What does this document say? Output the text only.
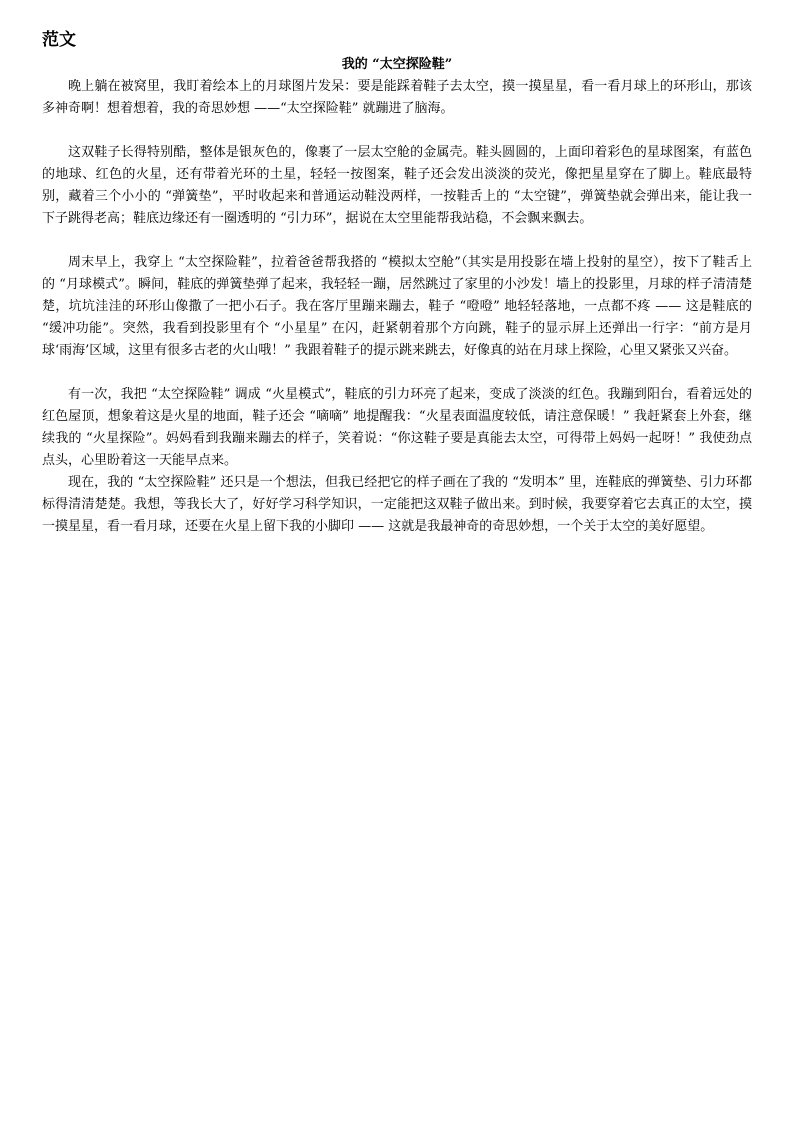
范文
我的 “太空探险鞋”

晚上躺在被窝里，我盯着绘本上的月球图片发呆：要是能踩着鞋子去太空，摸一摸星星，看一看月球上的环形山，那该多神奇啊！想着想着，我的奇思妙想 ——“太空探险鞋” 就蹦进了脑海。

这双鞋子长得特别酷，整体是银灰色的，像裹了一层太空舱的金属壳。鞋头圆圆的，上面印着彩色的星球图案，有蓝色的地球、红色的火星，还有带着光环的土星，轻轻一按图案，鞋子还会发出淡淡的荧光，像把星星穿在了脚上。鞋底最特别，藏着三个小小的 “弹簧垫”，平时收起来和普通运动鞋没两样，一按鞋舌上的 “太空键”，弹簧垫就会弹出来，能让我一下子跳得老高；鞋底边缘还有一圈透明的 “引力环”，据说在太空里能帮我站稳，不会飘来飘去。

周末早上，我穿上 “太空探险鞋”，拉着爸爸帮我搭的 “模拟太空舱”（其实是用投影在墙上投射的星空），按下了鞋舌上的 “月球模式”。瞬间，鞋底的弹簧垫弹了起来，我轻轻一蹦，居然跳过了家里的小沙发！墙上的投影里，月球的样子清清楚楚，坑坑洼洼的环形山像撒了一把小石子。我在客厅里蹦来蹦去，鞋子 “噔噔” 地轻轻落地，一点都不疼 —— 这是鞋底的 “缓冲功能”。突然，我看到投影里有个 “小星星” 在闪，赶紧朝着那个方向跳，鞋子的显示屏上还弹出一行字：“前方是月球‘雨海’区域，这里有很多古老的火山哦！” 我跟着鞋子的提示跳来跳去，好像真的站在月球上探险，心里又紧张又兴奋。

有一次，我把 “太空探险鞋” 调成 “火星模式”，鞋底的引力环亮了起来，变成了淡淡的红色。我蹦到阳台，看着远处的红色屋顶，想象着这是火星的地面，鞋子还会 “嘀嘀” 地提醒我：“火星表面温度较低，请注意保暖！” 我赶紧套上外套，继续我的 “火星探险”。妈妈看到我蹦来蹦去的样子，笑着说：“你这鞋子要是真能去太空，可得带上妈妈一起呀！” 我使劲点点头，心里盼着这一天能早点来。

现在，我的 “太空探险鞋” 还只是一个想法，但我已经把它的样子画在了我的 “发明本” 里，连鞋底的弹簧垫、引力环都标得清清楚楚。我想，等我长大了，好好学习科学知识，一定能把这双鞋子做出来。到时候，我要穿着它去真正的太空，摸一摸星星，看一看月球，还要在火星上留下我的小脚印 —— 这就是我最神奇的奇思妙想，一个关于太空的美好愿望。
